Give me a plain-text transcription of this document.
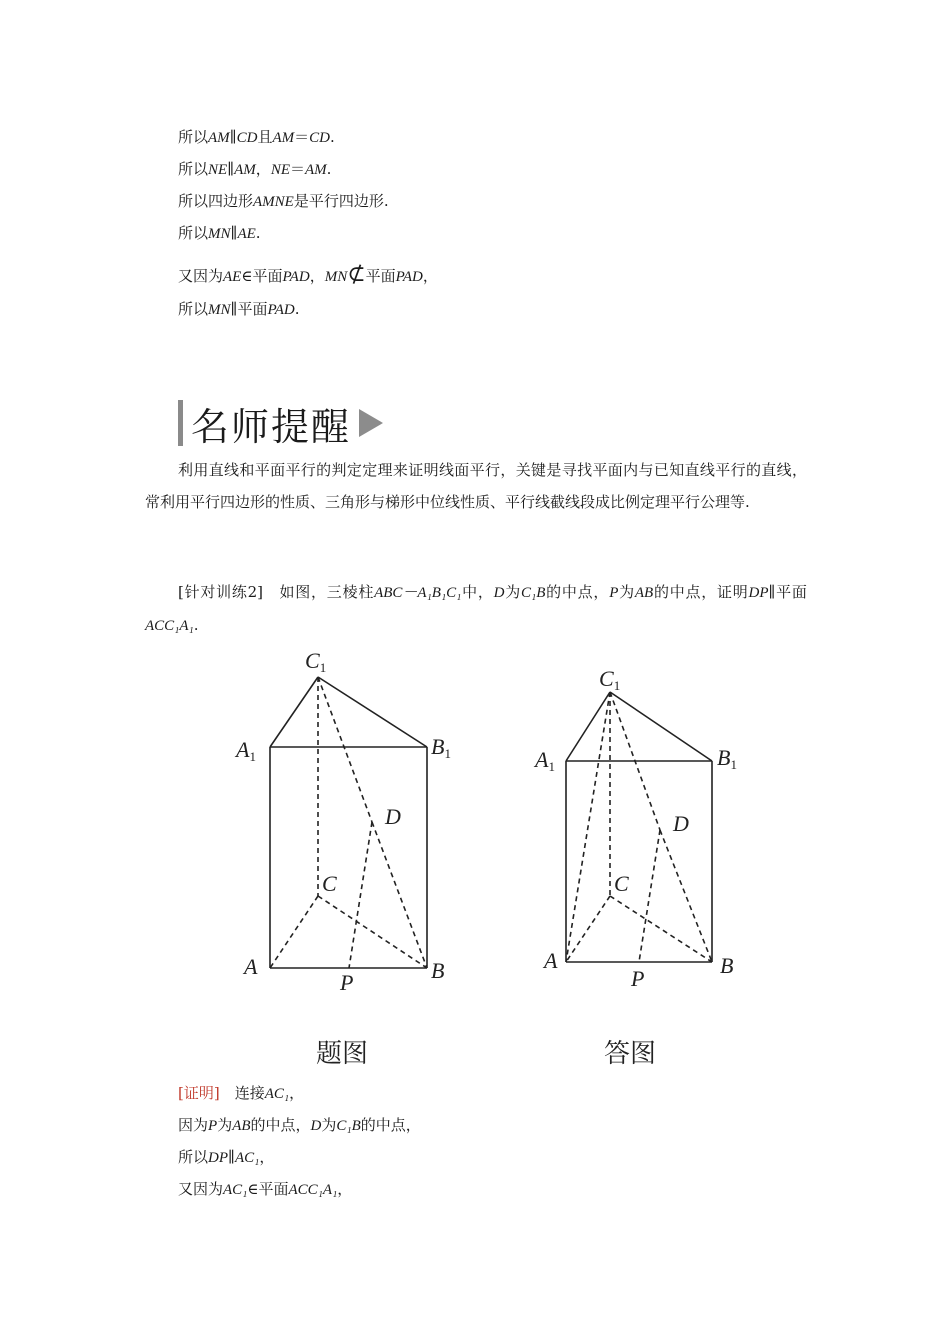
所以AM∥CD且AM＝CD.
所以NE∥AM，NE＝AM.
所以四边形AMNE是平行四边形.
所以MN∥AE.
又因为AE∈平面PAD，MN⊄平面PAD，
所以MN∥平面PAD.
名师提醒

利用直线和平面平行的判定定理来证明线面平行，关键是寻找平面内与已知直线平行的直线，常利用平行四边形的性质、三角形与梯形中位线性质、平行线截线段成比例定理平行公理等.

[针对训练2]　 如图，三棱柱ABC－A₁B₁C₁中，D为C₁B的中点，P为AB的中点，证明DP∥平面ACC₁A₁.

C1
A1	B1
D
C
A	B
P
C1
A1	B1
D
C
A	B
P
题图	答图
[证明]　 连接AC₁，
因为P为AB的中点，D为C₁B的中点，
所以DP∥AC₁，
又因为AC₁∈平面ACC₁A₁，
